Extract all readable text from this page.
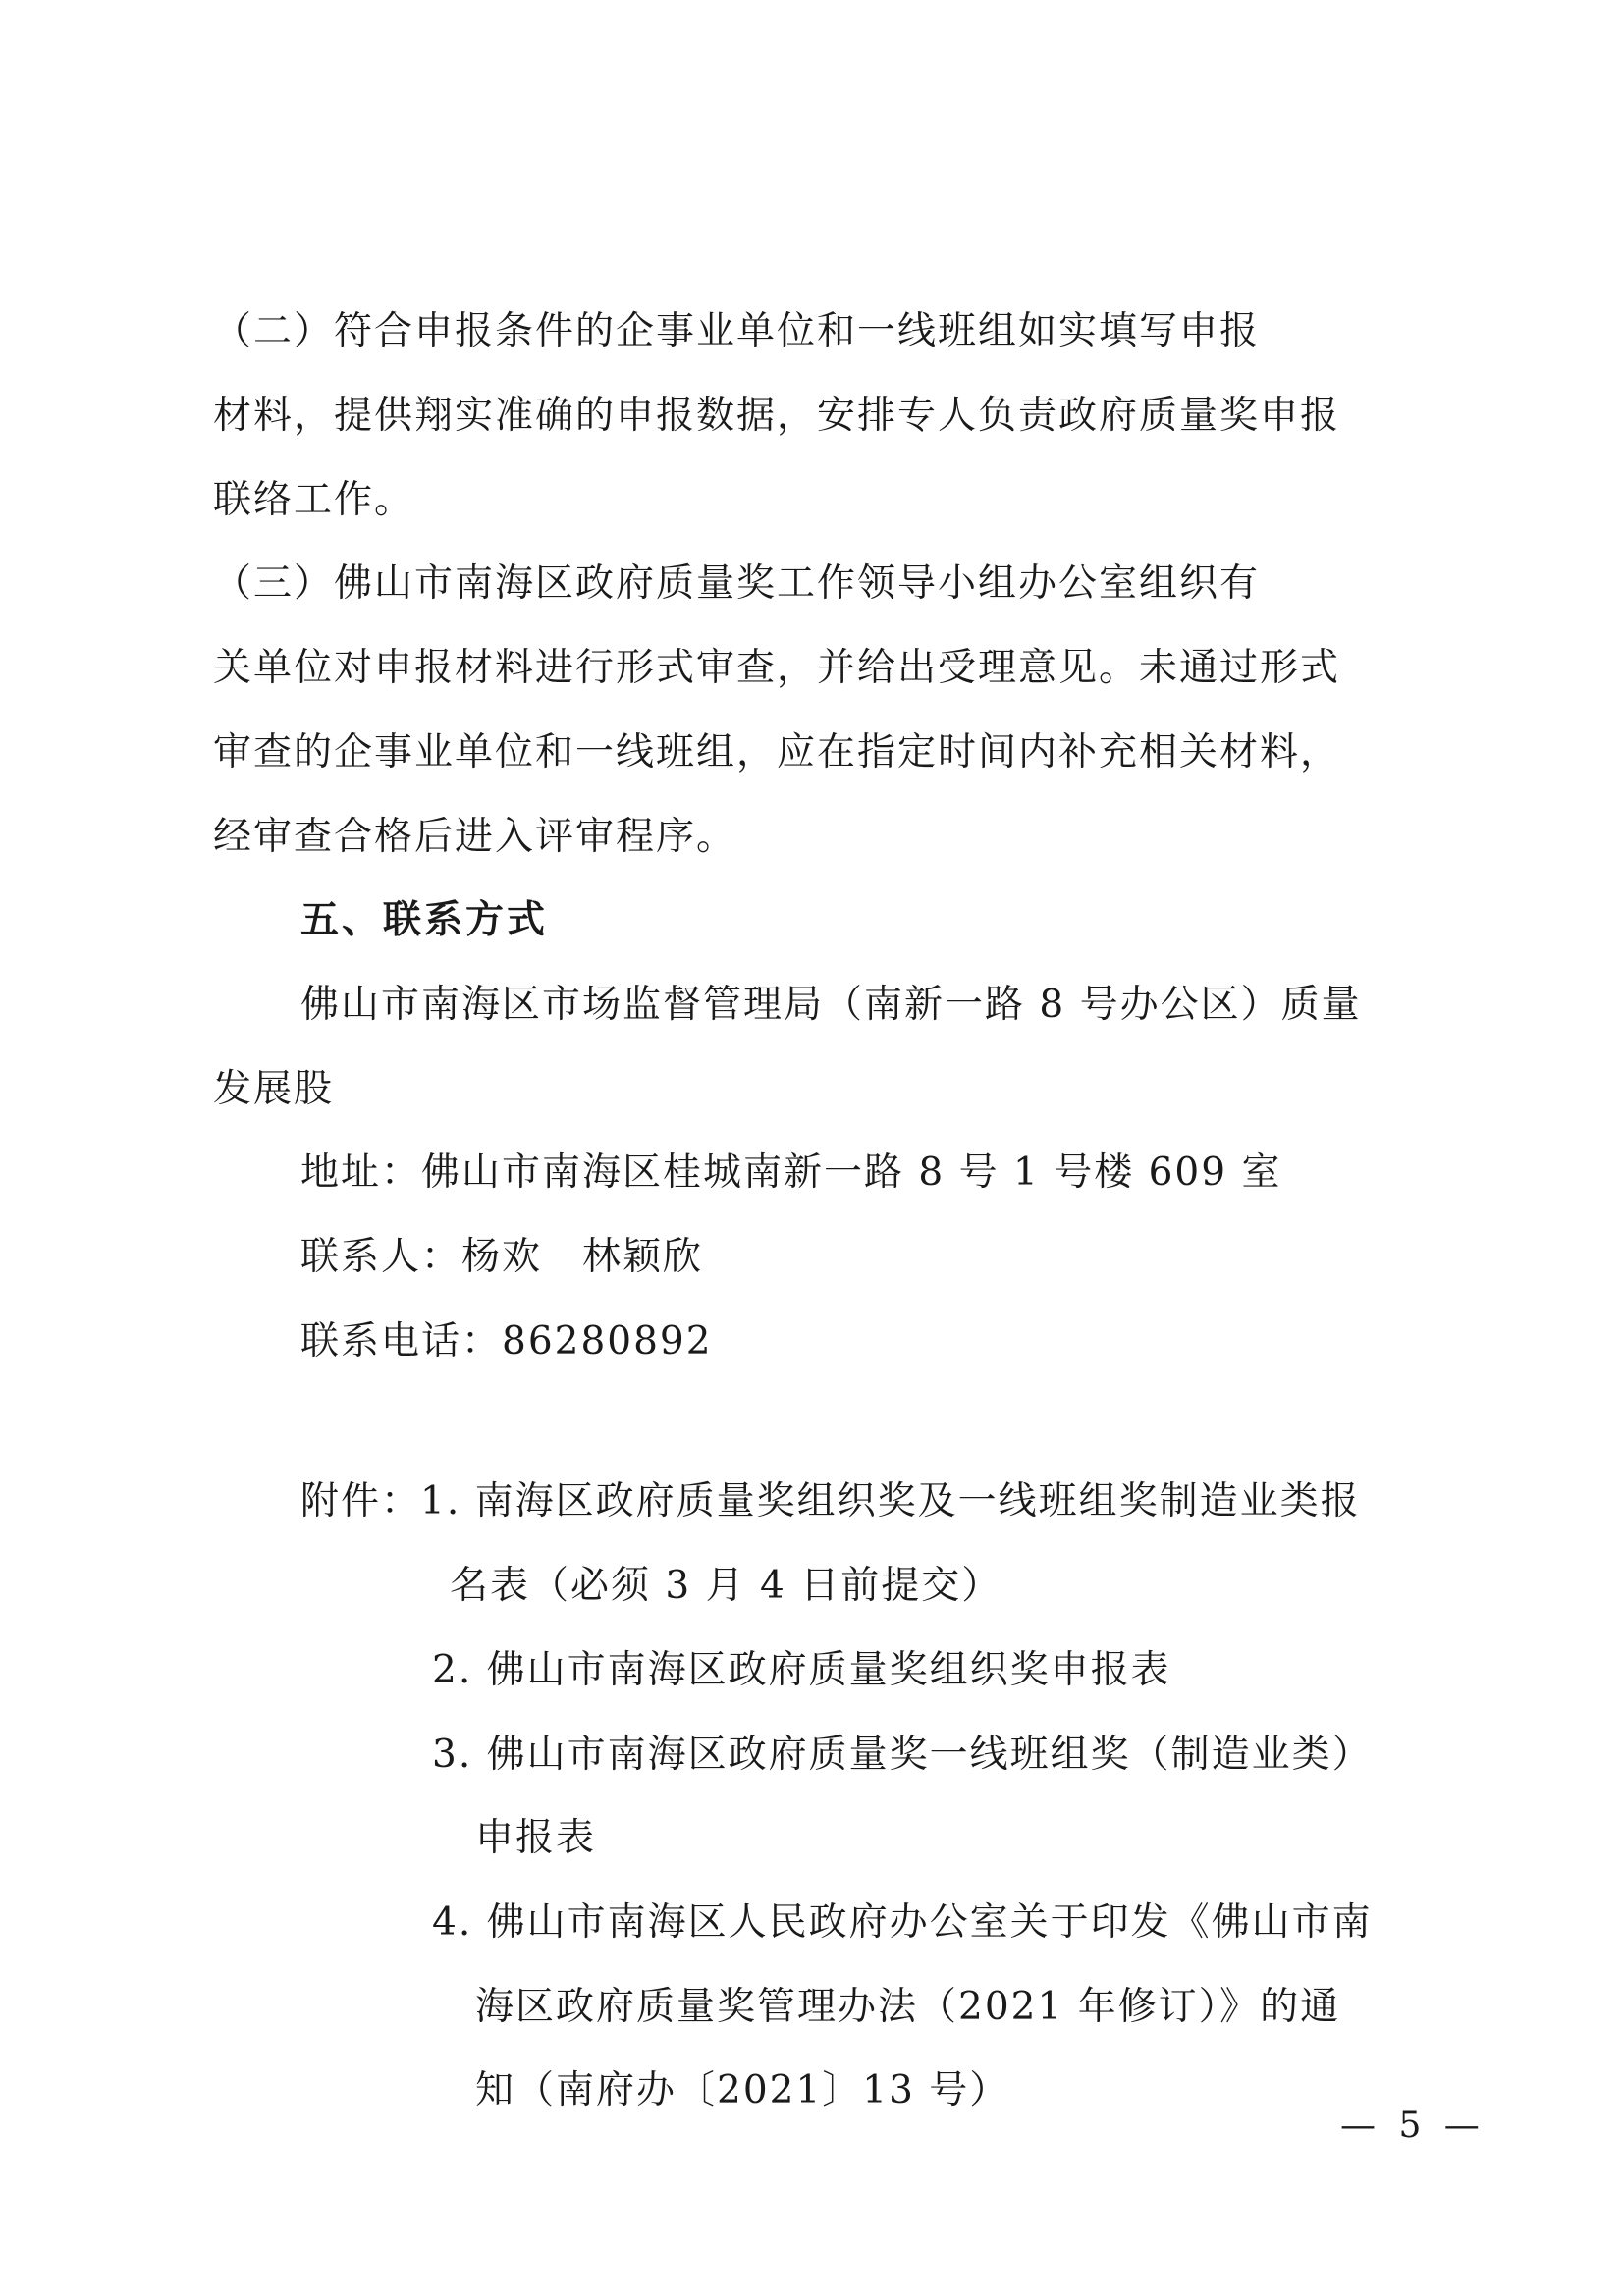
（二）符合申报条件的企事业单位和一线班组如实填写申报
材料，提供翔实准确的申报数据，安排专人负责政府质量奖申报
联络工作。
（三）佛山市南海区政府质量奖工作领导小组办公室组织有
关单位对申报材料进行形式审查，并给出受理意见。未通过形式
审查的企事业单位和一线班组，应在指定时间内补充相关材料，
经审查合格后进入评审程序。
五、联系方式
佛山市南海区市场监督管理局（南新一路 8 号办公区）质量
发展股
地址：佛山市南海区桂城南新一路 8 号 1 号楼 609 室
联系人：杨欢　林颖欣
联系电话：86280892
附件：
1. 南海区政府质量奖组织奖及一线班组奖制造业类报
名表（必须 3 月 4 日前提交）
2. 佛山市南海区政府质量奖组织奖申报表
3. 佛山市南海区政府质量奖一线班组奖（制造业类）
申报表
4. 佛山市南海区人民政府办公室关于印发《佛山市南
海区政府质量奖管理办法（2021 年修订）》的通
知（南府办〔2021〕13 号）
— 5 —
